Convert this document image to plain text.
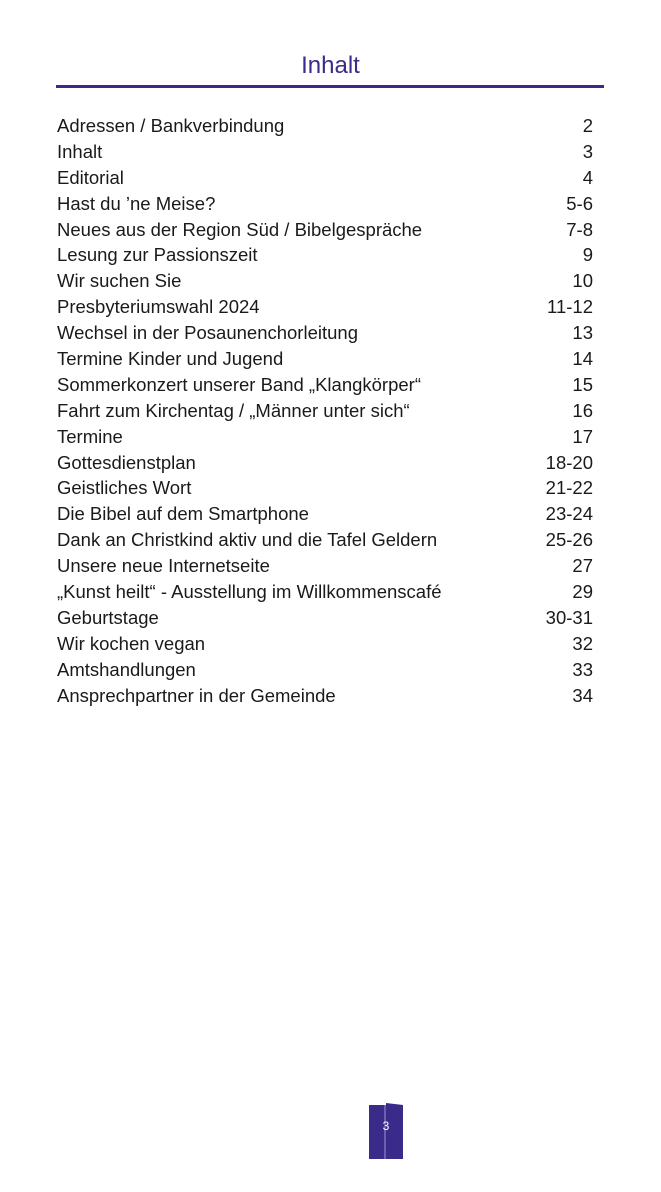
Inhalt
Adressen / Bankverbindung	2
Inhalt	3
Editorial	4
Hast du ’ne Meise?	5-6
Neues aus der Region Süd / Bibelgespräche	7-8
Lesung zur Passionszeit	9
Wir suchen Sie	10
Presbyteriumswahl 2024	11-12
Wechsel in der Posaunenchorleitung	13
Termine Kinder und Jugend	14
Sommerkonzert unserer Band „Klangkörper“	15
Fahrt zum Kirchentag / „Männer unter sich“	16
Termine	17
Gottesdienstplan	18-20
Geistliches Wort	21-22
Die Bibel auf dem Smartphone	23-24
Dank an Christkind aktiv und die Tafel Geldern	25-26
Unsere neue Internetseite	27
„Kunst heilt“ - Ausstellung im Willkommenscafé	29
Geburtstage	30-31
Wir kochen vegan	32
Amtshandlungen	33
Ansprechpartner in der Gemeinde	34
3
